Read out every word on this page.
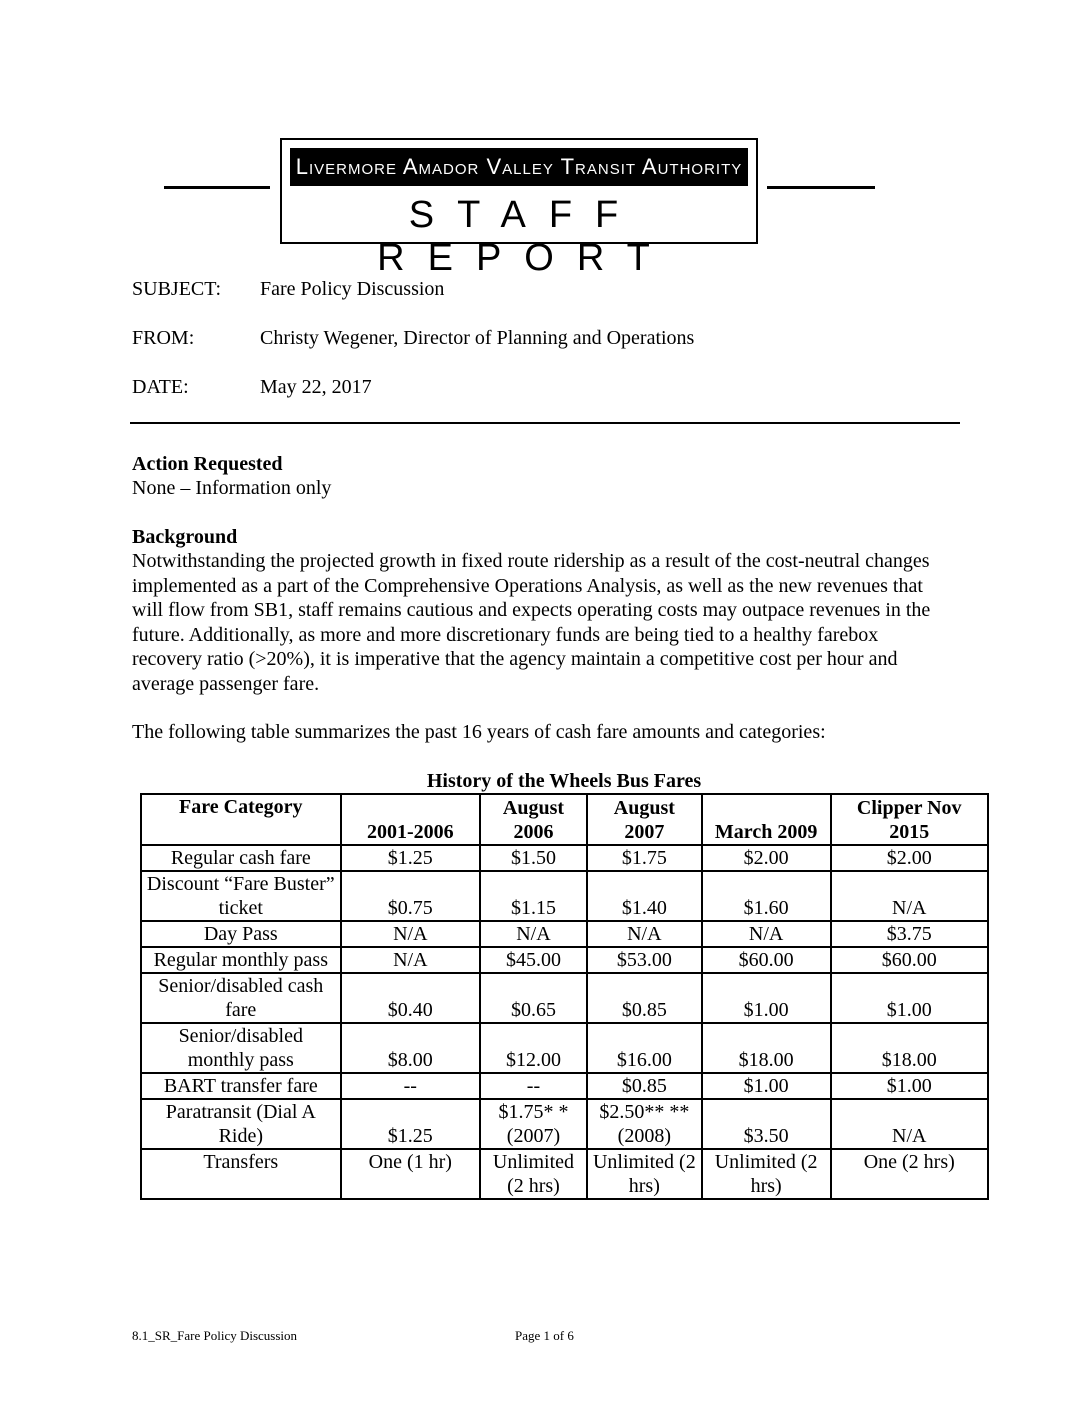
Livermore Amador Valley Transit Authority
STAFF REPORT
SUBJECT: Fare Policy Discussion
FROM:	Christy Wegener, Director of Planning and Operations
DATE:	May 22, 2017
Action Requested
None – Information only
Background
Notwithstanding the projected growth in fixed route ridership as a result of the cost-neutral changes implemented as a part of the Comprehensive Operations Analysis, as well as the new revenues that will flow from SB1, staff remains cautious and expects operating costs may outpace revenues in the future. Additionally, as more and more discretionary funds are being tied to a healthy farebox recovery ratio (>20%), it is imperative that the agency maintain a competitive cost per hour and average passenger fare.
The following table summarizes the past 16 years of cash fare amounts and categories:
History of the Wheels Bus Fares
Fare Category	2001-2006	August 2006	August 2007	March 2009	Clipper Nov 2015
Regular cash fare	$1.25	$1.50	$1.75	$2.00	$2.00
Discount “Fare Buster” ticket	$0.75	$1.15	$1.40	$1.60	N/A
Day Pass	N/A	N/A	N/A	N/A	$3.75
Regular monthly pass	N/A	$45.00	$53.00	$60.00	$60.00
Senior/disabled cash fare	$0.40	$0.65	$0.85	$1.00	$1.00
Senior/disabled monthly pass	$8.00	$12.00	$16.00	$18.00	$18.00
BART transfer fare	--	--	$0.85	$1.00	$1.00
Paratransit (Dial A Ride)	$1.25	$1.75* *(2007)	$2.50** **(2008)	$3.50	N/A
Transfers	One (1 hr)	Unlimited (2 hrs)	Unlimited (2 hrs)	Unlimited (2 hrs)	One (2 hrs)
8.1_SR_Fare Policy Discussion	Page 1 of 6
